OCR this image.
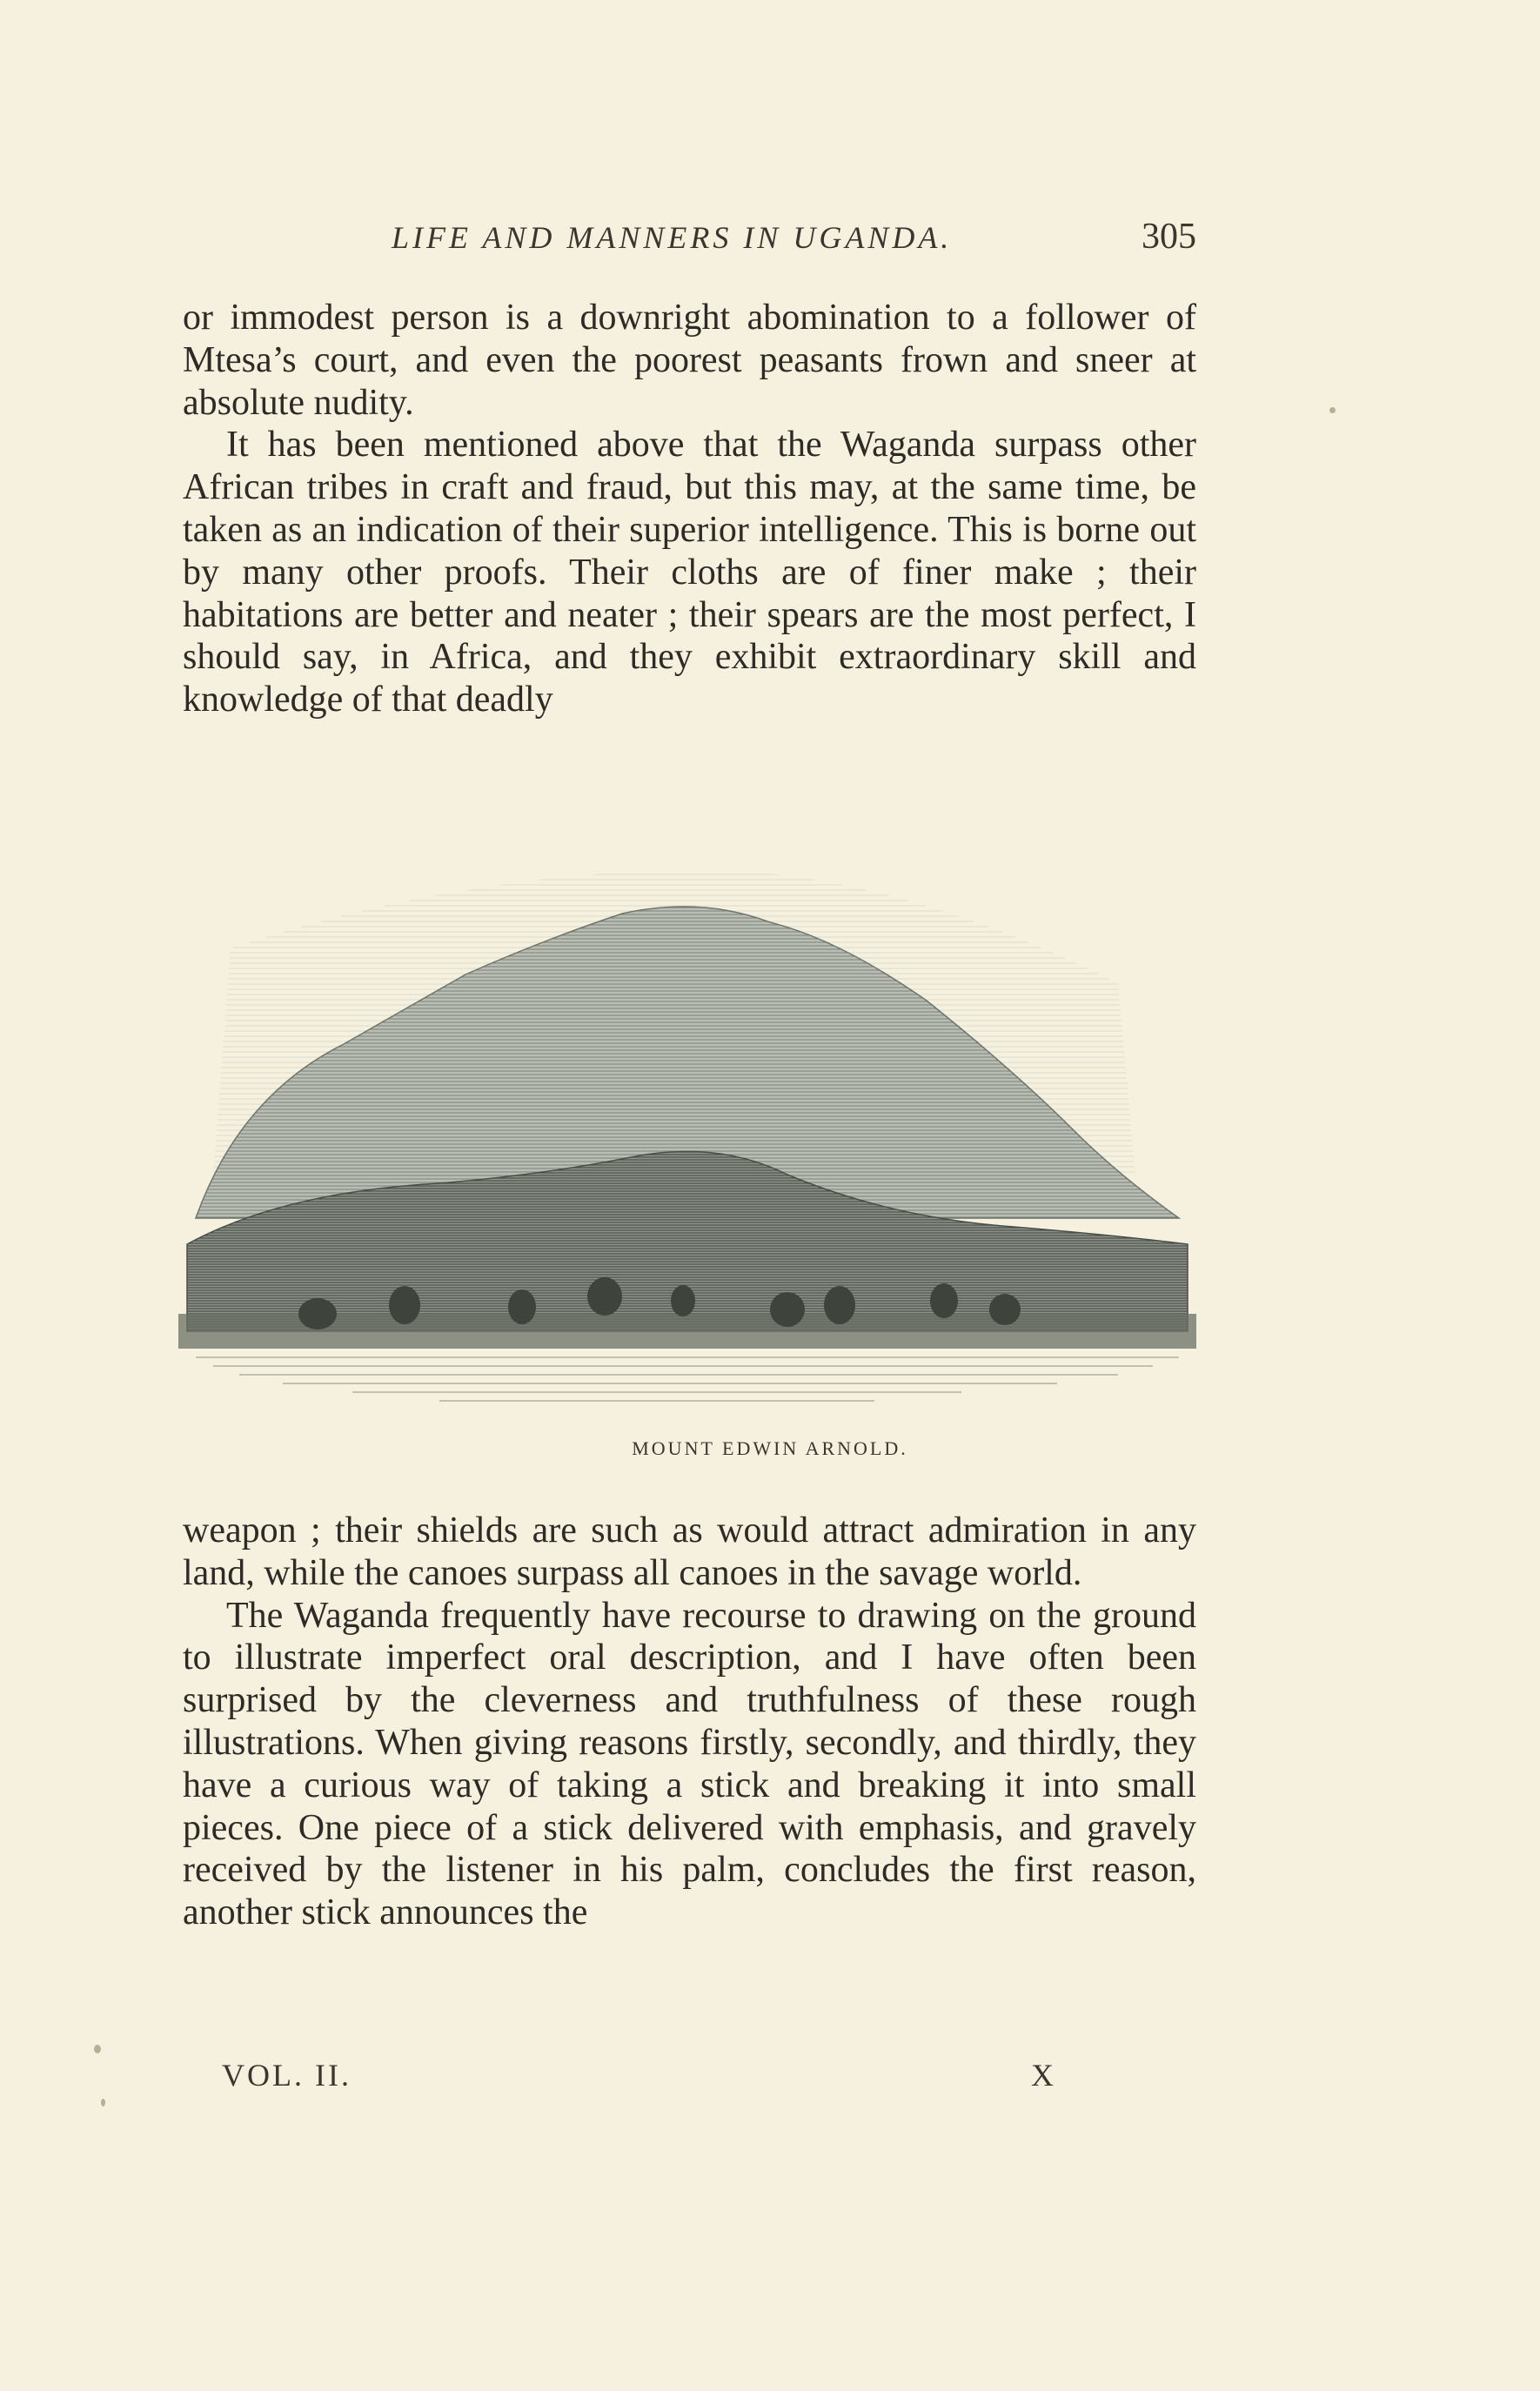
LIFE AND MANNERS IN UGANDA.	305

or immodest person is a downright abomination to a follower of Mtesa’s court, and even the poorest peasants frown and sneer at absolute nudity.

It has been mentioned above that the Waganda surpass other African tribes in craft and fraud, but this may, at the same time, be taken as an indication of their superior intelligence. This is borne out by many other proofs. Their cloths are of finer make ; their habitations are better and neater ; their spears are the most perfect, I should say, in Africa, and they exhibit extraordinary skill and knowledge of that deadly

MOUNT EDWIN ARNOLD.

weapon ; their shields are such as would attract admiration in any land, while the canoes surpass all canoes in the savage world.

The Waganda frequently have recourse to drawing on the ground to illustrate imperfect oral description, and I have often been surprised by the cleverness and truthfulness of these rough illustrations. When giving reasons firstly, secondly, and thirdly, they have a curious way of taking a stick and breaking it into small pieces. One piece of a stick delivered with emphasis, and gravely received by the listener in his palm, concludes the first reason, another stick announces the

VOL. II.	X
